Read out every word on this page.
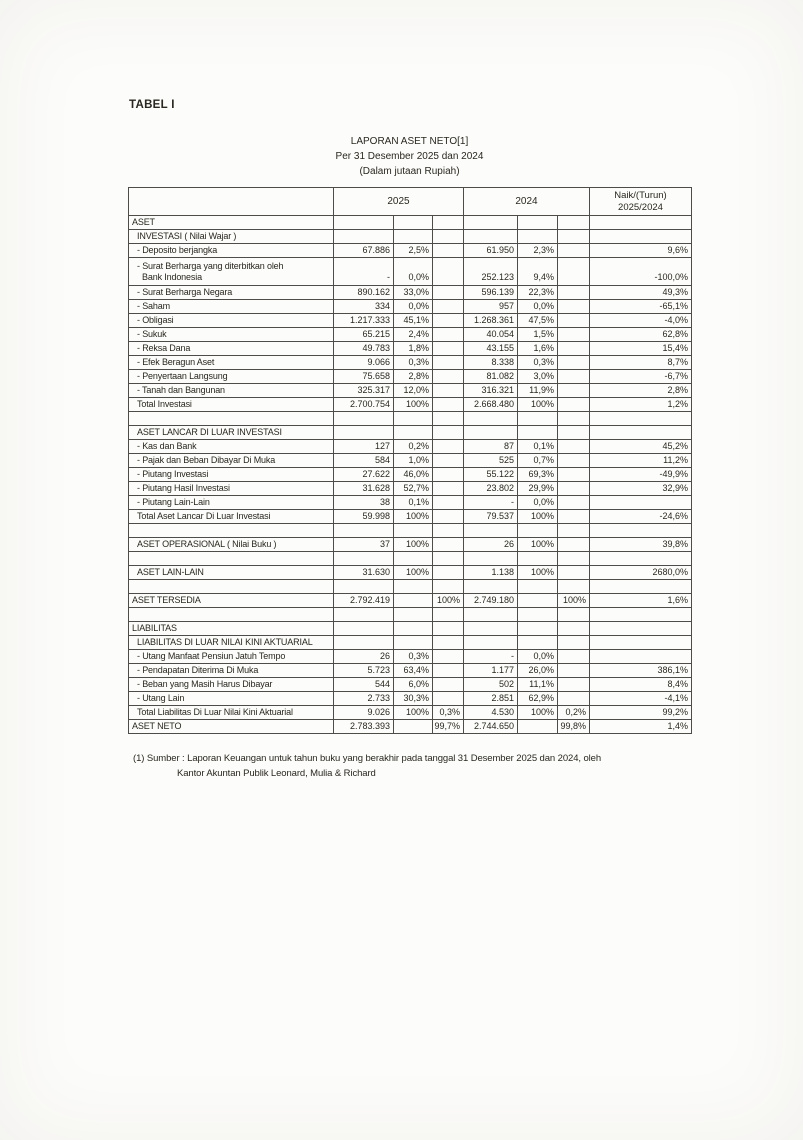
TABEL I
LAPORAN ASET NETO[1]
Per 31 Desember 2025 dan 2024
(Dalam jutaan Rupiah)
	2025			2024			Naik/(Turun)
2025/2024

ASET							

INVESTASI ( Nilai Wajar )							

- Deposito berjangka	67.886	2,5%		61.950	2,3%		9,6%

- Surat Berharga yang diterbitkan oleh
Bank Indonesia	-	0,0%		252.123	9,4%		-100,0%

- Surat Berharga Negara	890.162	33,0%		596.139	22,3%		49,3%

- Saham	334	0,0%		957	0,0%		-65,1%

- Obligasi	1.217.333	45,1%		1.268.361	47,5%		-4,0%

- Sukuk	65.215	2,4%		40.054	1,5%		62,8%

- Reksa Dana	49.783	1,8%		43.155	1,6%		15,4%

- Efek Beragun Aset	9.066	0,3%		8.338	0,3%		8,7%

- Penyertaan Langsung	75.658	2,8%		81.082	3,0%		-6,7%

- Tanah dan Bangunan	325.317	12,0%		316.321	11,9%		2,8%

Total Investasi	2.700.754	100%		2.668.480	100%		1,2%

ASET LANCAR DI LUAR INVESTASI							

- Kas dan Bank	127	0,2%		87	0,1%		45,2%

- Pajak dan Beban Dibayar Di Muka	584	1,0%		525	0,7%		11,2%

- Piutang Investasi	27.622	46,0%		55.122	69,3%		-49,9%

- Piutang Hasil Investasi	31.628	52,7%		23.802	29,9%		32,9%

- Piutang Lain-Lain	38	0,1%		-	0,0%		

Total Aset Lancar Di Luar Investasi	59.998	100%		79.537	100%		-24,6%

ASET OPERASIONAL ( Nilai Buku )	37	100%		26	100%		39,8%

ASET LAIN-LAIN	31.630	100%		1.138	100%		2680,0%

ASET TERSEDIA	2.792.419		100%	2.749.180		100%	1,6%

LIABILITAS							

LIABILITAS DI LUAR NILAI KINI AKTUARIAL							

- Utang Manfaat Pensiun Jatuh Tempo	26	0,3%		-	0,0%		

- Pendapatan Diterima Di Muka	5.723	63,4%		1.177	26,0%		386,1%

- Beban yang Masih Harus Dibayar	544	6,0%		502	11,1%		8,4%

- Utang Lain	2.733	30,3%		2.851	62,9%		-4,1%

Total Liabilitas Di Luar Nilai Kini Aktuarial	9.026	100%	0,3%	4.530	100%	0,2%	99,2%

ASET NETO	2.783.393		99,7%	2.744.650		99,8%	1,4%
(1) Sumber : Laporan Keuangan untuk tahun buku yang berakhir pada tanggal 31 Desember 2025 dan 2024, oleh
Kantor Akuntan Publik Leonard, Mulia & Richard
